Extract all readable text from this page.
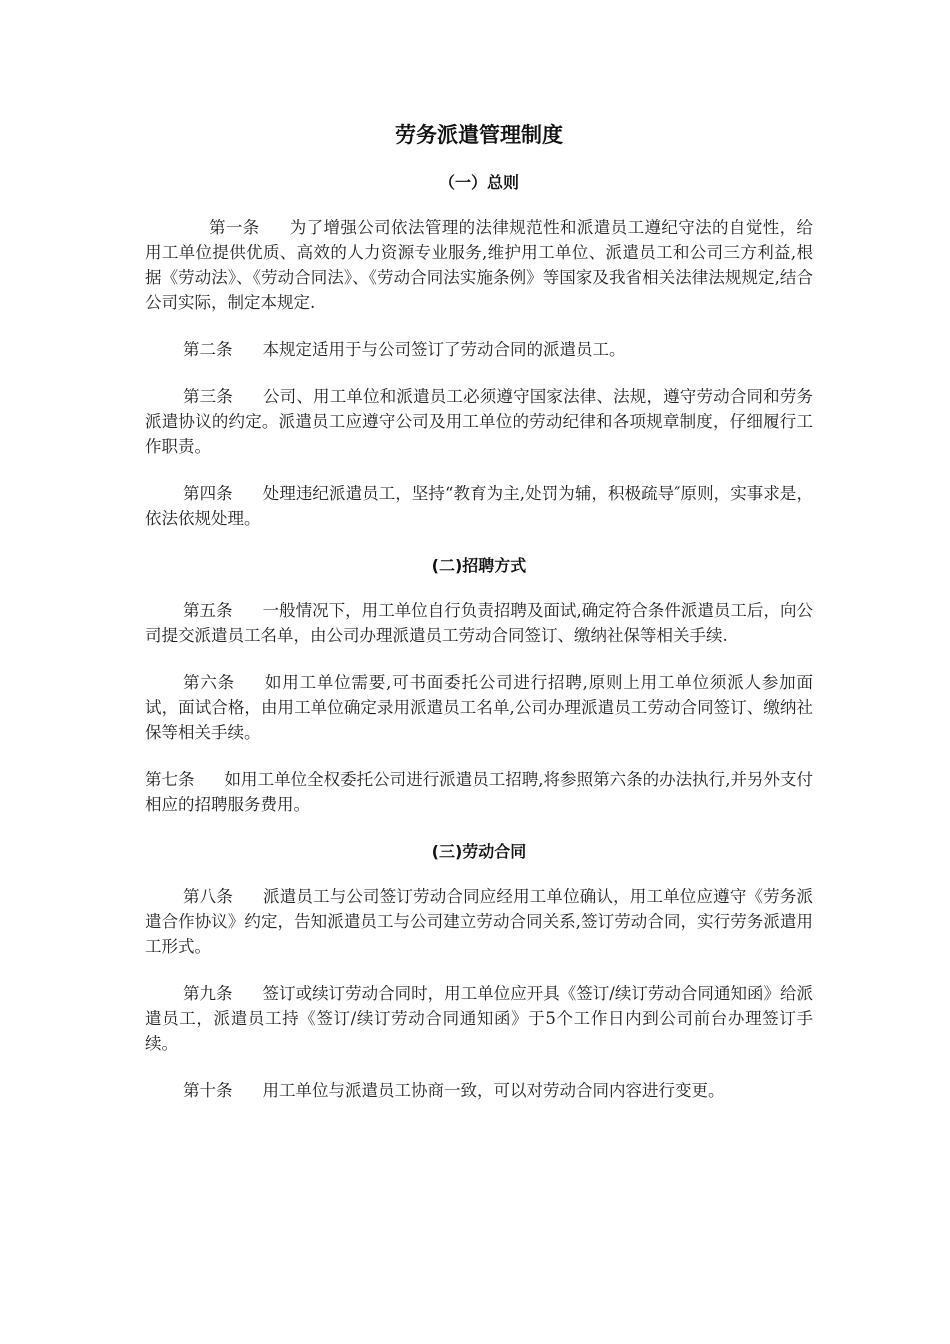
劳务派遣管理制度
（一）总则

第一条 为了增强公司依法管理的法律规范性和派遣员工遵纪守法的自觉性，给用工单位提供优质、高效的人力资源专业服务,维护用工单位、派遣员工和公司三方利益,根据《劳动法》、《劳动合同法》、《劳动合同法实施条例》等国家及我省相关法律法规规定,结合公司实际，制定本规定.

第二条 本规定适用于与公司签订了劳动合同的派遣员工。

第三条 公司、用工单位和派遣员工必须遵守国家法律、法规，遵守劳动合同和劳务派遣协议的约定。派遣员工应遵守公司及用工单位的劳动纪律和各项规章制度，仔细履行工作职责。

第四条 处理违纪派遣员工，坚持“教育为主,处罚为辅，积极疏导″原则，实事求是，依法依规处理。

(二)招聘方式

第五条 一般情况下，用工单位自行负责招聘及面试,确定符合条件派遣员工后，向公司提交派遣员工名单，由公司办理派遣员工劳动合同签订、缴纳社保等相关手续.

第六条 如用工单位需要,可书面委托公司进行招聘,原则上用工单位须派人参加面试，面试合格，由用工单位确定录用派遣员工名单,公司办理派遣员工劳动合同签订、缴纳社保等相关手续。

第七条 如用工单位全权委托公司进行派遣员工招聘,将参照第六条的办法执行,并另外支付相应的招聘服务费用。

(三)劳动合同

第八条 派遣员工与公司签订劳动合同应经用工单位确认，用工单位应遵守《劳务派遣合作协议》约定，告知派遣员工与公司建立劳动合同关系,签订劳动合同，实行劳务派遣用工形式。

第九条 签订或续订劳动合同时，用工单位应开具《签订/续订劳动合同通知函》给派遣员工，派遣员工持《签订/续订劳动合同通知函》于5个工作日内到公司前台办理签订手续。

第十条 用工单位与派遣员工协商一致，可以对劳动合同内容进行变更。
